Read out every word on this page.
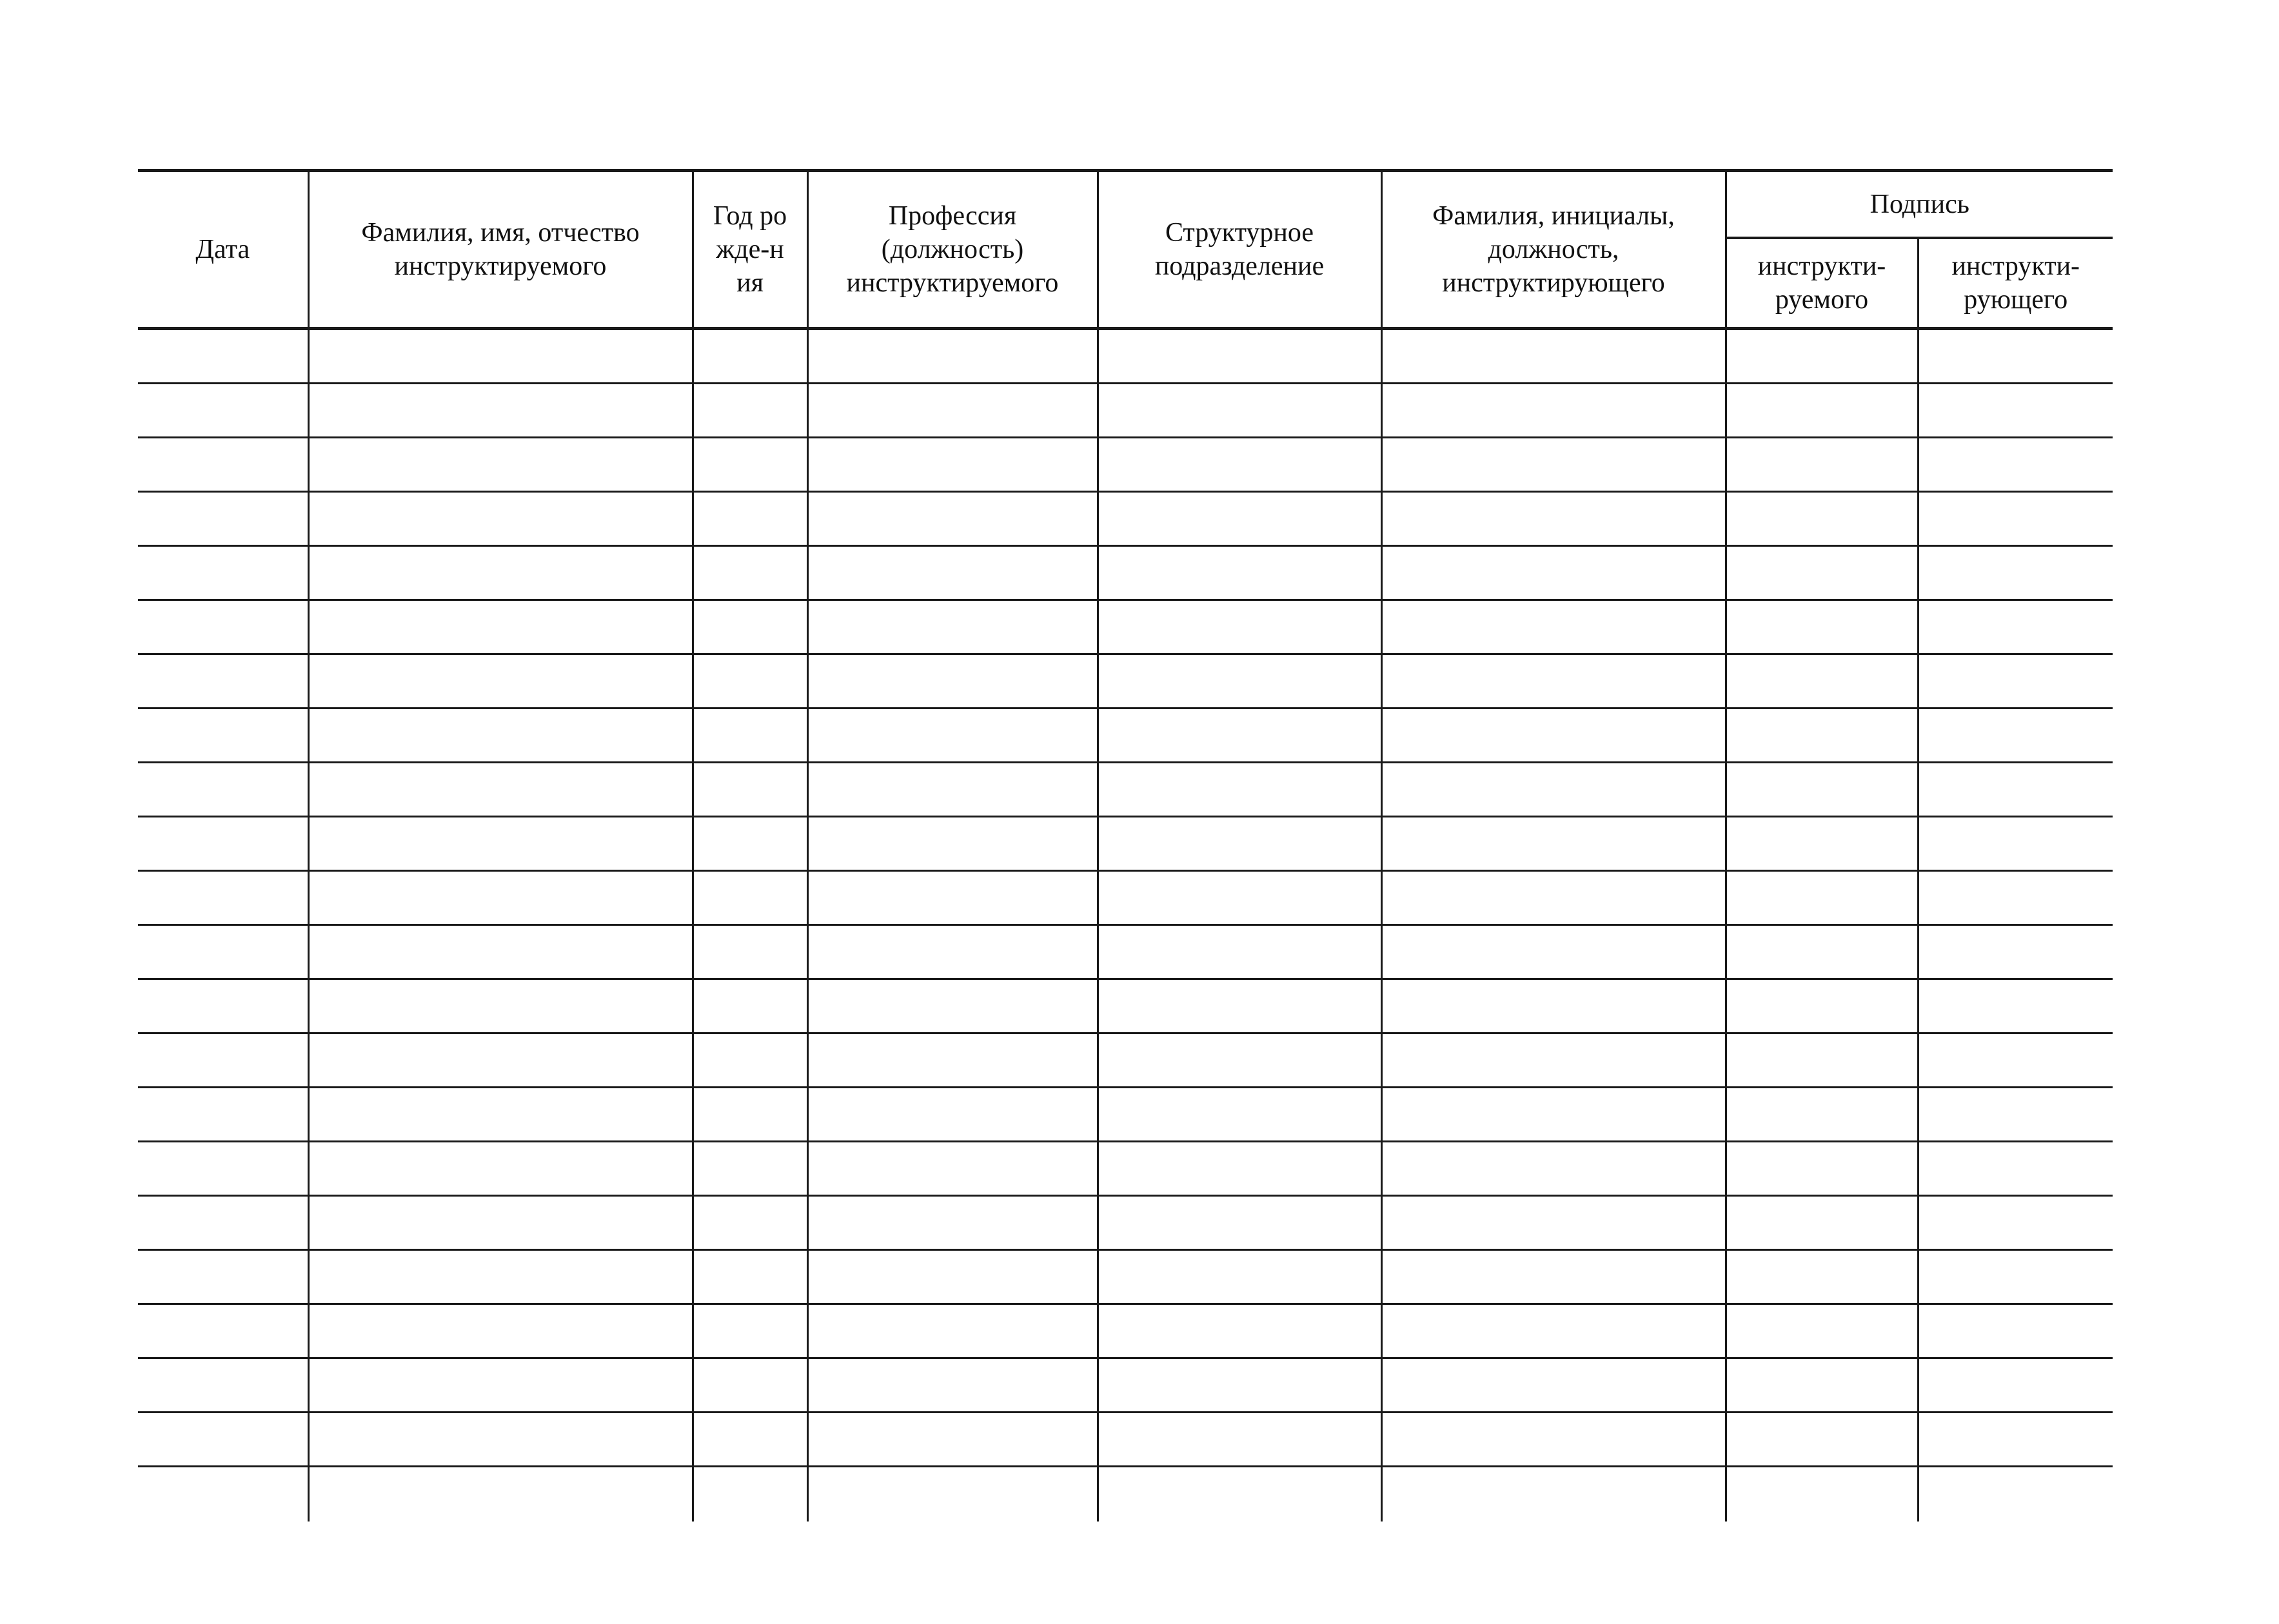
Дата	Фамилия, имя, отчество инструктируемого	Год рожде-ния	Профессия (должность) инструктируемого	Структурное подразделение	Фамилия, инициалы, должность, инструктирующего	Подпись	
						инструкти-руемого	инструкти-рующего
